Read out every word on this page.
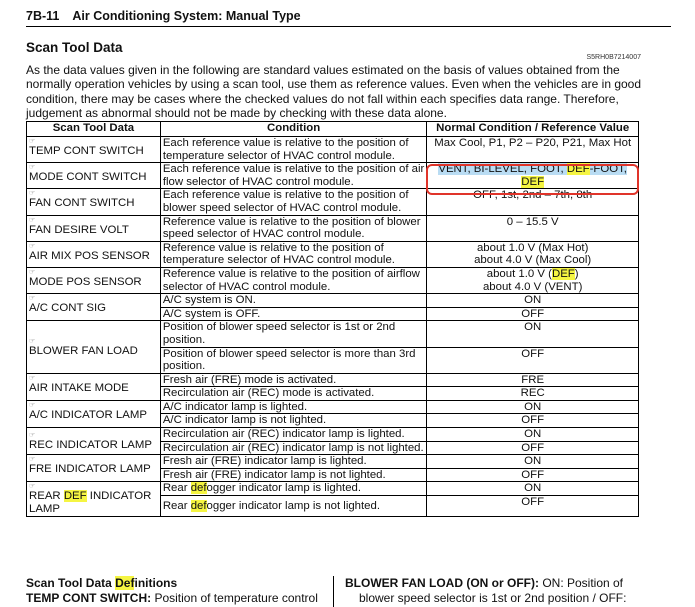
7B-11 Air Conditioning System: Manual Type
Scan Tool Data
S5RH0B7214007
As the data values given in the following are standard values estimated on the basis of values obtained from the normally operation vehicles by using a scan tool, use them as reference values. Even when the vehicles are in good condition, there may be cases where the checked values do not fall within each specifies data range. Therefore, judgement as abnormal should not be made by checking with these data alone.
Scan Tool Data	Condition	Normal Condition / Reference Value

☞
TEMP CONT SWITCH	Each reference value is relative to the position of temperature selector of HVAC control module.	Max Cool, P1, P2 – P20, P21, Max Hot

☞
MODE CONT SWITCH	Each reference value is relative to the position of air flow selector of HVAC control module.	VENT, BI-LEVEL, FOOT, DEF-FOOT,
DEF

☞
FAN CONT SWITCH	Each reference value is relative to the position of blower speed selector of HVAC control module.	OFF, 1st, 2nd – 7th, 8th

☞
FAN DESIRE VOLT	Reference value is relative to the position of blower speed selector of HVAC control module.	0 – 15.5 V

☞
AIR MIX POS SENSOR	Reference value is relative to the position of temperature selector of HVAC control module.	about 1.0 V (Max Hot)
about 4.0 V (Max Cool)

☞
MODE POS SENSOR	Reference value is relative to the position of airflow selector of HVAC control module.	about 1.0 V (DEF)
about 4.0 V (VENT)

☞
A/C CONT SIG	A/C system is ON.	ON
	A/C system is OFF.	OFF

☞
BLOWER FAN LOAD	Position of blower speed selector is 1st or 2nd position.	ON
	Position of blower speed selector is more than 3rd position.	OFF

☞
AIR INTAKE MODE	Fresh air (FRE) mode is activated.	FRE
	Recirculation air (REC) mode is activated.	REC

☞
A/C INDICATOR LAMP	A/C indicator lamp is lighted.	ON
	A/C indicator lamp is not lighted.	OFF

☞
REC INDICATOR LAMP	Recirculation air (REC) indicator lamp is lighted.	ON
	Recirculation air (REC) indicator lamp is not lighted.	OFF

☞
FRE INDICATOR LAMP	Fresh air (FRE) indicator lamp is lighted.	ON
	Fresh air (FRE) indicator lamp is not lighted.	OFF

☞
REAR DEF INDICATOR LAMP	Rear defogger indicator lamp is lighted.	ON
	Rear defogger indicator lamp is not lighted.	OFF
Scan Tool Data Definitions
TEMP CONT SWITCH: Position of temperature control
BLOWER FAN LOAD (ON or OFF): ON: Position of
blower speed selector is 1st or 2nd position / OFF:
